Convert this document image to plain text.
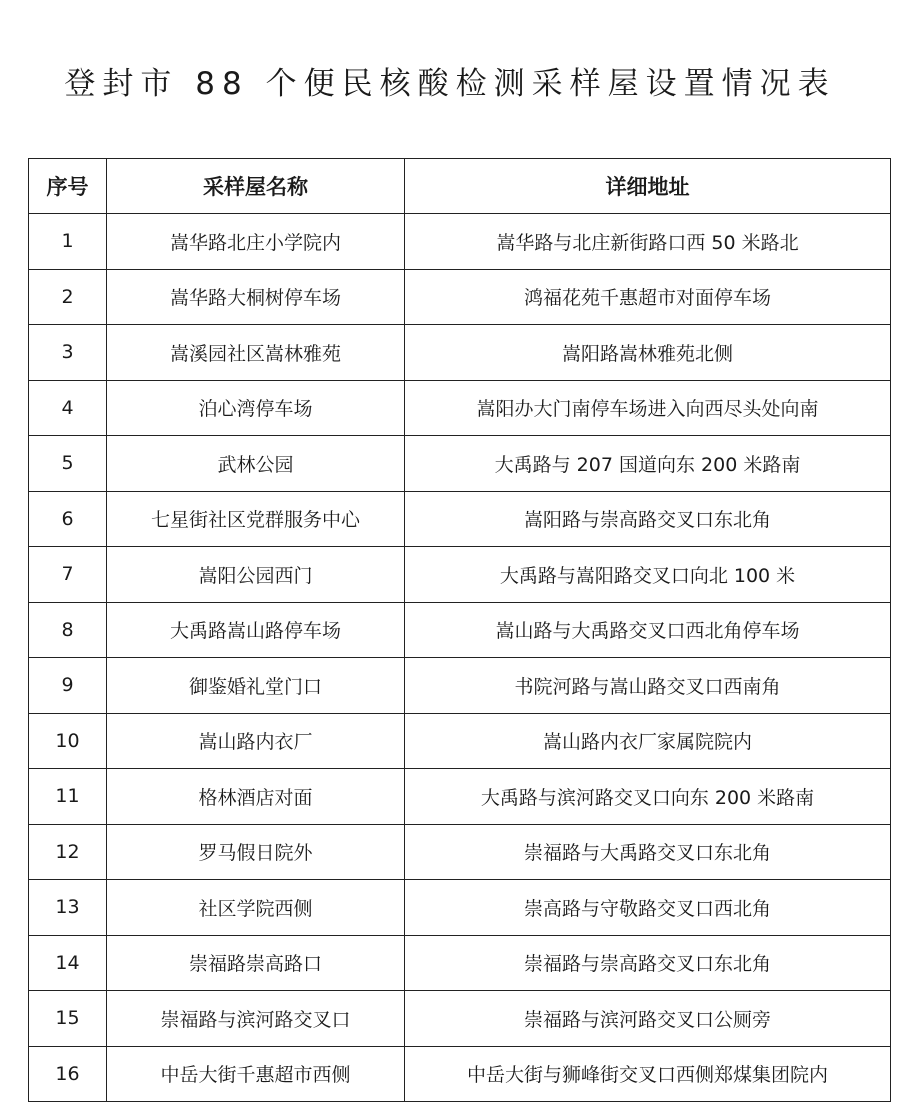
登封市 88 个便民核酸检测采样屋设置情况表
序号	采样屋名称	详细地址
1	嵩华路北庄小学院内	嵩华路与北庄新街路口西 50 米路北
2	嵩华路大桐树停车场	鸿福花苑千惠超市对面停车场
3	嵩溪园社区嵩林雅苑	嵩阳路嵩林雅苑北侧
4	泊心湾停车场	嵩阳办大门南停车场进入向西尽头处向南
5	武林公园	大禹路与 207 国道向东 200 米路南
6	七星街社区党群服务中心	嵩阳路与崇高路交叉口东北角
7	嵩阳公园西门	大禹路与嵩阳路交叉口向北 100 米
8	大禹路嵩山路停车场	嵩山路与大禹路交叉口西北角停车场
9	御鉴婚礼堂门口	书院河路与嵩山路交叉口西南角
10	嵩山路内衣厂	嵩山路内衣厂家属院院内
11	格林酒店对面	大禹路与滨河路交叉口向东 200 米路南
12	罗马假日院外	崇福路与大禹路交叉口东北角
13	社区学院西侧	崇高路与守敬路交叉口西北角
14	崇福路崇高路口	崇福路与崇高路交叉口东北角
15	崇福路与滨河路交叉口	崇福路与滨河路交叉口公厕旁
16	中岳大街千惠超市西侧	中岳大街与狮峰街交叉口西侧郑煤集团院内
